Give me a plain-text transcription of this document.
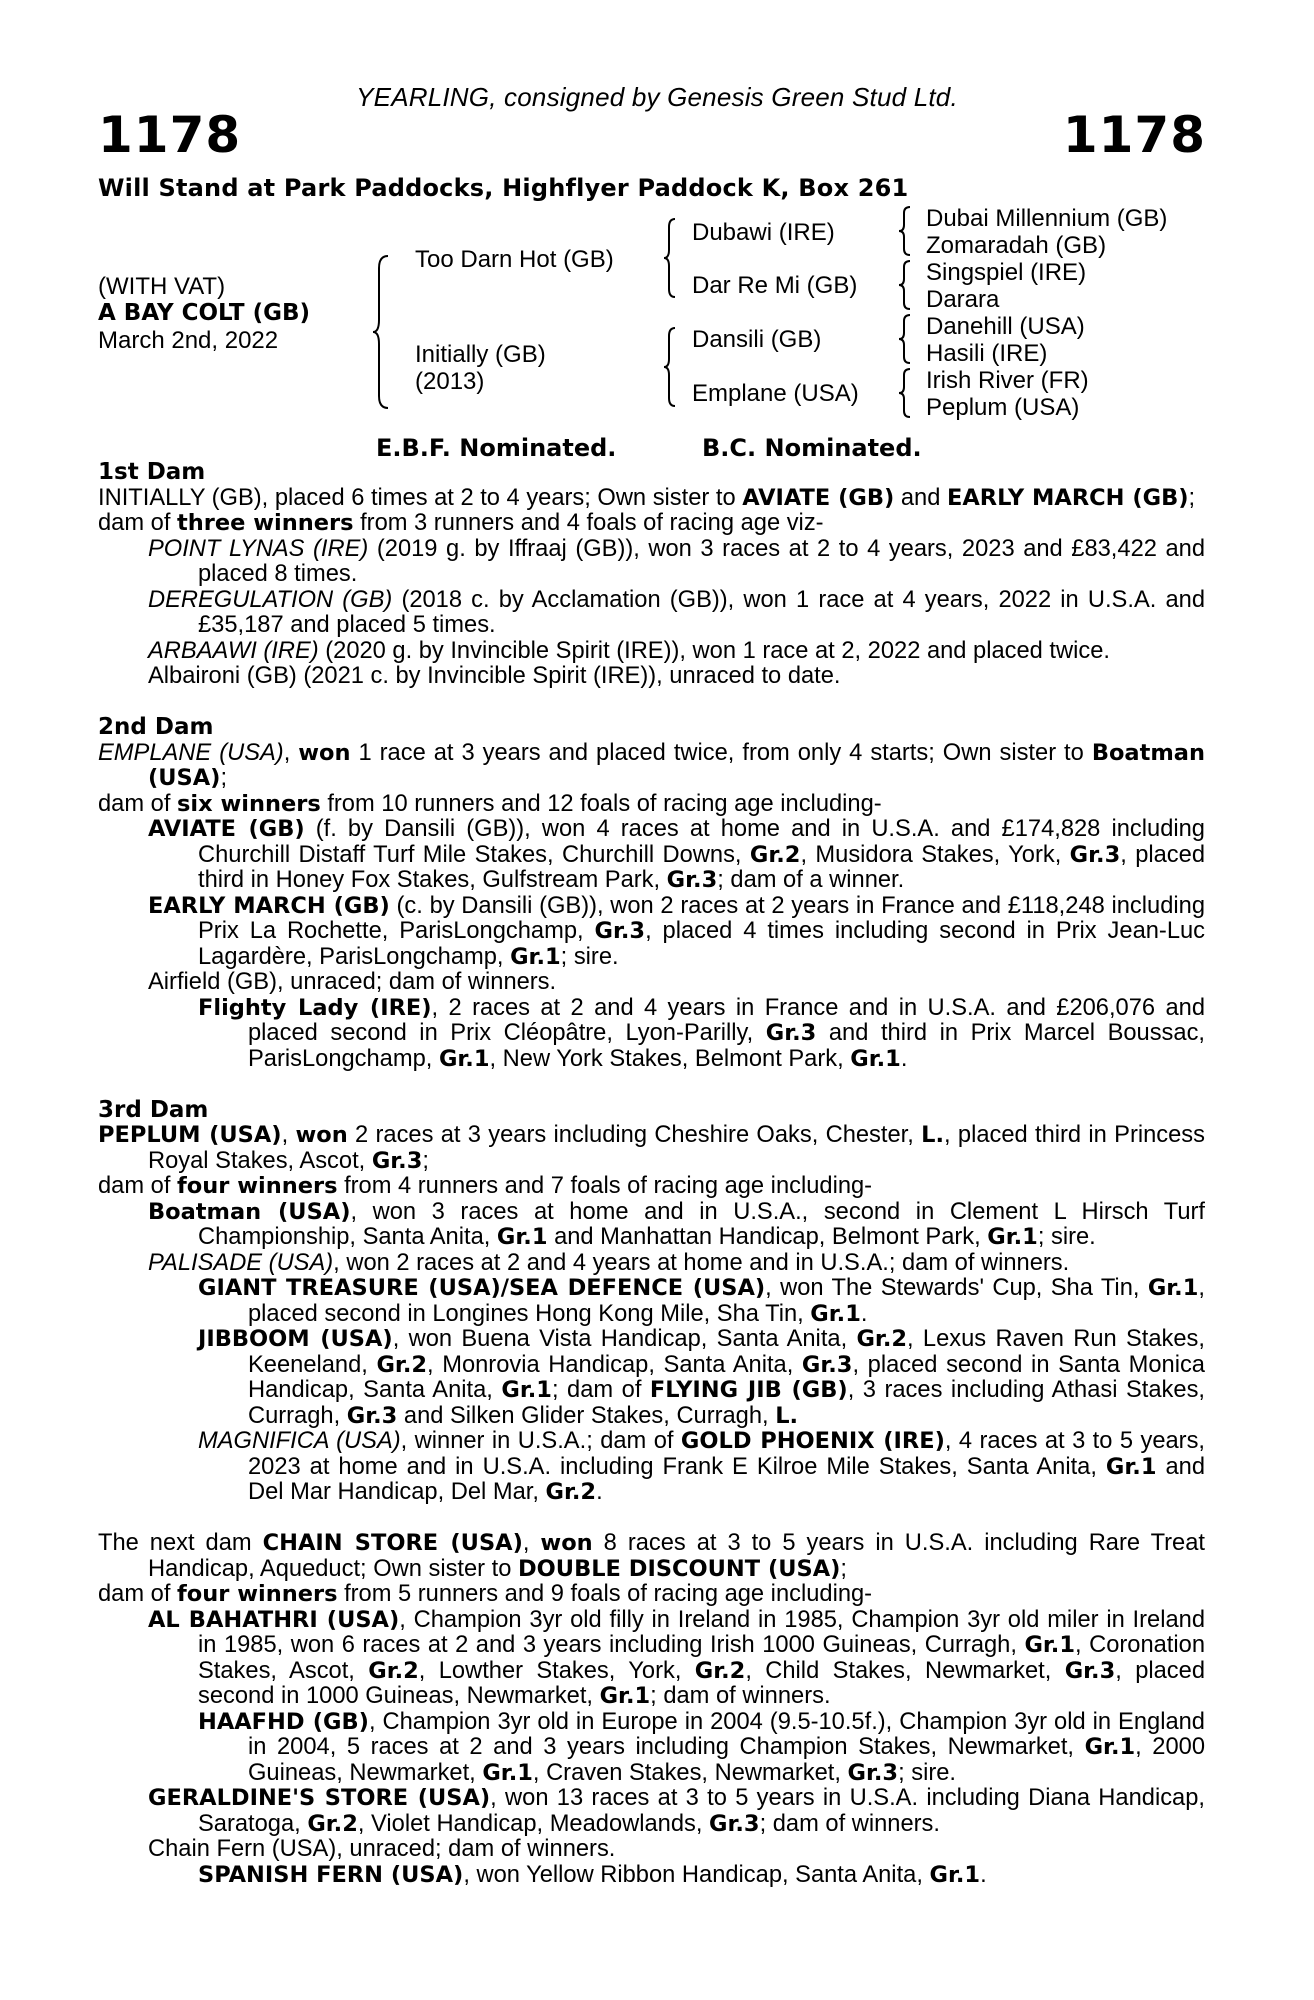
YEARLING, consigned by Genesis Green Stud Ltd.
1178	1178
Will Stand at Park Paddocks, Highflyer Paddock K, Box 261
(WITH VAT)
A BAY COLT (GB)
March 2nd, 2022
Too Darn Hot (GB)
Initially (GB)
(2013)
Dubawi (IRE)
Dar Re Mi (GB)
Dansili (GB)
Emplane (USA)
Dubai Millennium (GB)
Zomaradah (GB)
Singspiel (IRE)
Darara
Danehill (USA)
Hasili (IRE)
Irish River (FR)
Peplum (USA)
E.B.F. Nominated.	B.C. Nominated.
1st Dam
INITIALLY (GB), placed 6 times at 2 to 4 years; Own sister to AVIATE (GB) and EARLY MARCH (GB);
dam of three winners from 3 runners and 4 foals of racing age viz-
POINT LYNAS (IRE) (2019 g. by Iffraaj (GB)), won 3 races at 2 to 4 years, 2023 and £83,422 and placed 8 times.
DEREGULATION (GB) (2018 c. by Acclamation (GB)), won 1 race at 4 years, 2022 in U.S.A. and £35,187 and placed 5 times.
ARBAAWI (IRE) (2020 g. by Invincible Spirit (IRE)), won 1 race at 2, 2022 and placed twice.
Albaironi (GB) (2021 c. by Invincible Spirit (IRE)), unraced to date.
2nd Dam
EMPLANE (USA), won 1 race at 3 years and placed twice, from only 4 starts; Own sister to Boatman (USA);
dam of six winners from 10 runners and 12 foals of racing age including-
AVIATE (GB) (f. by Dansili (GB)), won 4 races at home and in U.S.A. and £174,828 including Churchill Distaff Turf Mile Stakes, Churchill Downs, Gr.2, Musidora Stakes, York, Gr.3, placed third in Honey Fox Stakes, Gulfstream Park, Gr.3; dam of a winner.
EARLY MARCH (GB) (c. by Dansili (GB)), won 2 races at 2 years in France and £118,248 including Prix La Rochette, ParisLongchamp, Gr.3, placed 4 times including second in Prix Jean-Luc Lagardère, ParisLongchamp, Gr.1; sire.
Airfield (GB), unraced; dam of winners.
Flighty Lady (IRE), 2 races at 2 and 4 years in France and in U.S.A. and £206,076 and placed second in Prix Cléopâtre, Lyon-Parilly, Gr.3 and third in Prix Marcel Boussac, ParisLongchamp, Gr.1, New York Stakes, Belmont Park, Gr.1.
3rd Dam
PEPLUM (USA), won 2 races at 3 years including Cheshire Oaks, Chester, L., placed third in Princess Royal Stakes, Ascot, Gr.3;
dam of four winners from 4 runners and 7 foals of racing age including-
Boatman (USA), won 3 races at home and in U.S.A., second in Clement L Hirsch Turf Championship, Santa Anita, Gr.1 and Manhattan Handicap, Belmont Park, Gr.1; sire.
PALISADE (USA), won 2 races at 2 and 4 years at home and in U.S.A.; dam of winners.
GIANT TREASURE (USA)/SEA DEFENCE (USA), won The Stewards' Cup, Sha Tin, Gr.1, placed second in Longines Hong Kong Mile, Sha Tin, Gr.1.
JIBBOOM (USA), won Buena Vista Handicap, Santa Anita, Gr.2, Lexus Raven Run Stakes, Keeneland, Gr.2, Monrovia Handicap, Santa Anita, Gr.3, placed second in Santa Monica Handicap, Santa Anita, Gr.1; dam of FLYING JIB (GB), 3 races including Athasi Stakes, Curragh, Gr.3 and Silken Glider Stakes, Curragh, L.
MAGNIFICA (USA), winner in U.S.A.; dam of GOLD PHOENIX (IRE), 4 races at 3 to 5 years, 2023 at home and in U.S.A. including Frank E Kilroe Mile Stakes, Santa Anita, Gr.1 and Del Mar Handicap, Del Mar, Gr.2.
The next dam CHAIN STORE (USA), won 8 races at 3 to 5 years in U.S.A. including Rare Treat Handicap, Aqueduct; Own sister to DOUBLE DISCOUNT (USA);
dam of four winners from 5 runners and 9 foals of racing age including-
AL BAHATHRI (USA), Champion 3yr old filly in Ireland in 1985, Champion 3yr old miler in Ireland in 1985, won 6 races at 2 and 3 years including Irish 1000 Guineas, Curragh, Gr.1, Coronation Stakes, Ascot, Gr.2, Lowther Stakes, York, Gr.2, Child Stakes, Newmarket, Gr.3, placed second in 1000 Guineas, Newmarket, Gr.1; dam of winners.
HAAFHD (GB), Champion 3yr old in Europe in 2004 (9.5-10.5f.), Champion 3yr old in England in 2004, 5 races at 2 and 3 years including Champion Stakes, Newmarket, Gr.1, 2000 Guineas, Newmarket, Gr.1, Craven Stakes, Newmarket, Gr.3; sire.
GERALDINE'S STORE (USA), won 13 races at 3 to 5 years in U.S.A. including Diana Handicap, Saratoga, Gr.2, Violet Handicap, Meadowlands, Gr.3; dam of winners.
Chain Fern (USA), unraced; dam of winners.
SPANISH FERN (USA), won Yellow Ribbon Handicap, Santa Anita, Gr.1.
